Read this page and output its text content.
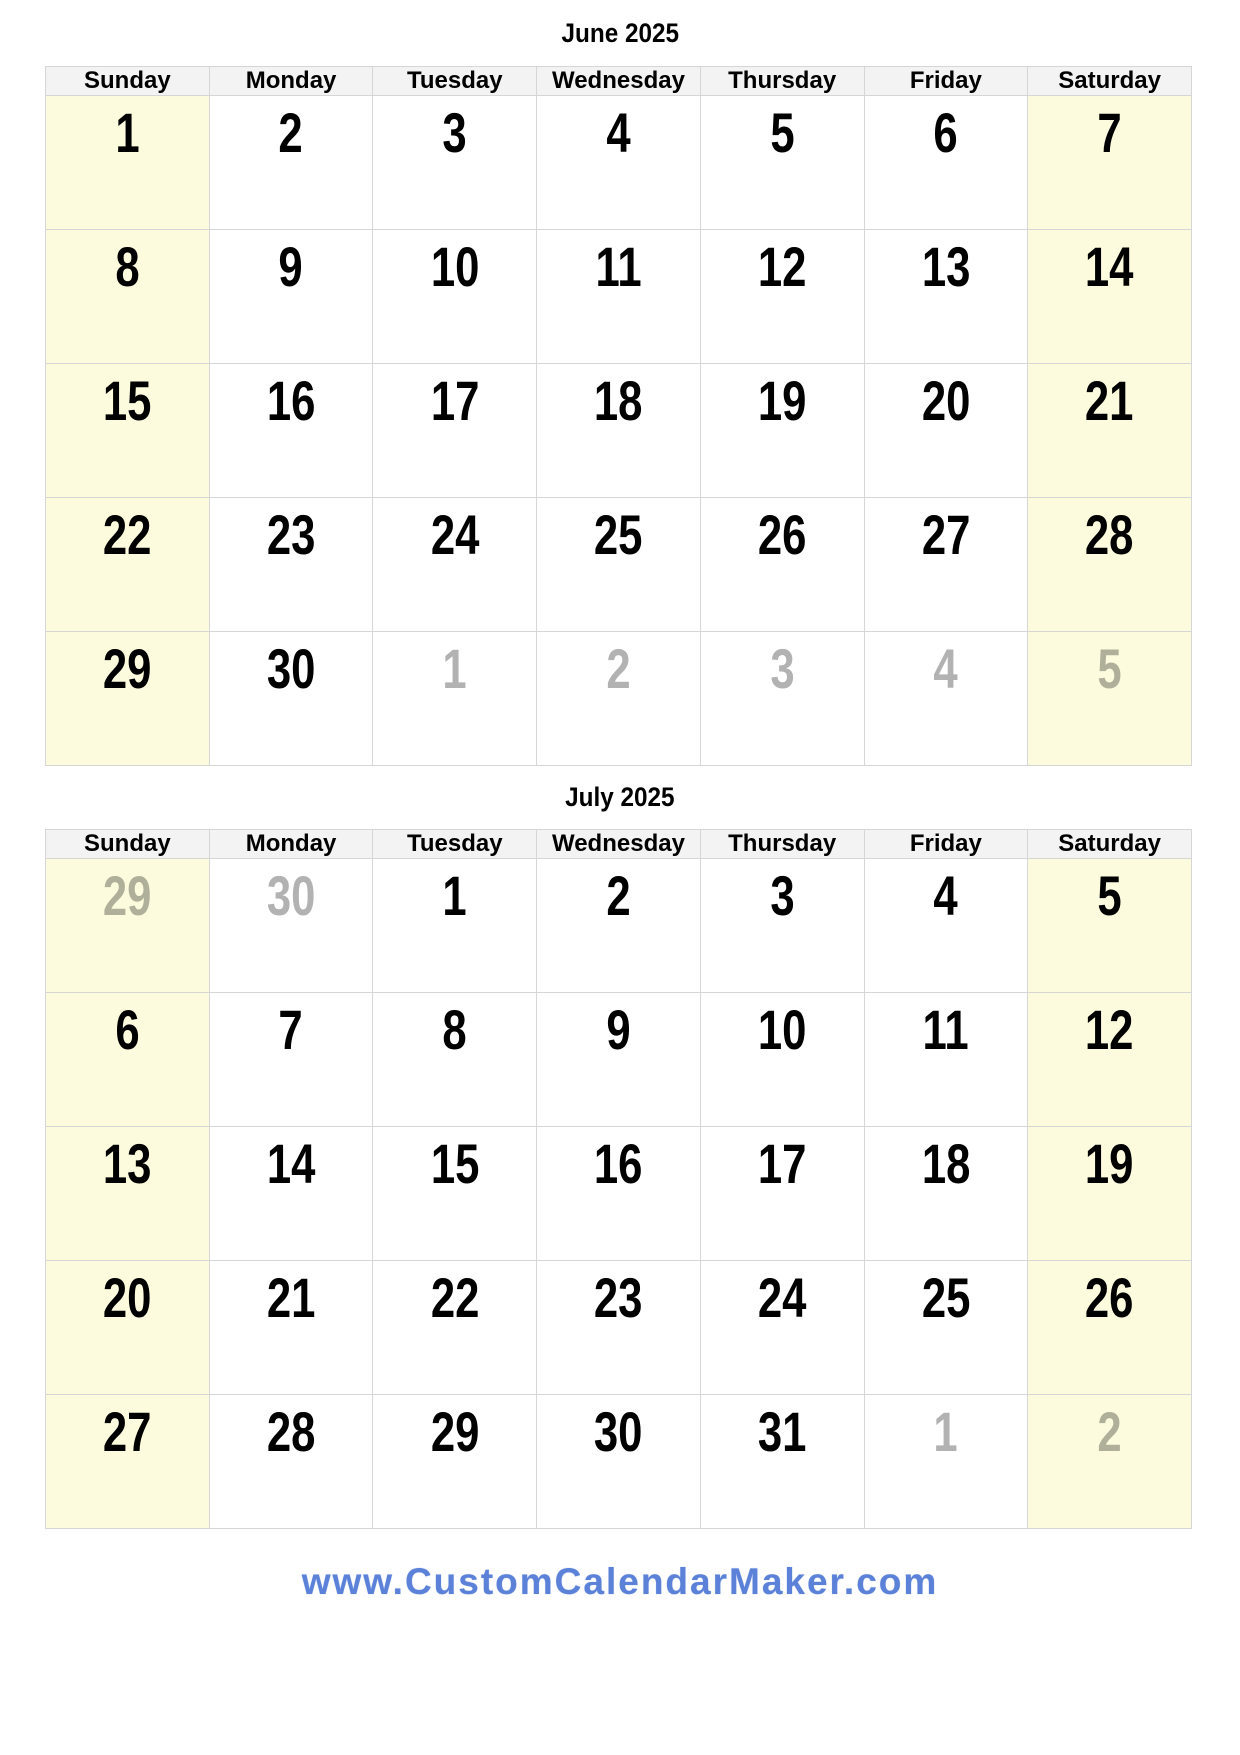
June 2025
Sunday	Monday	Tuesday	Wednesday	Thursday	Friday	Saturday
1	2	3	4	5	6	7
8	9	10	11	12	13	14
15	16	17	18	19	20	21
22	23	24	25	26	27	28
29	30	1	2	3	4	5
July 2025
Sunday	Monday	Tuesday	Wednesday	Thursday	Friday	Saturday
29	30	1	2	3	4	5
6	7	8	9	10	11	12
13	14	15	16	17	18	19
20	21	22	23	24	25	26
27	28	29	30	31	1	2
www.CustomCalendarMaker.com
